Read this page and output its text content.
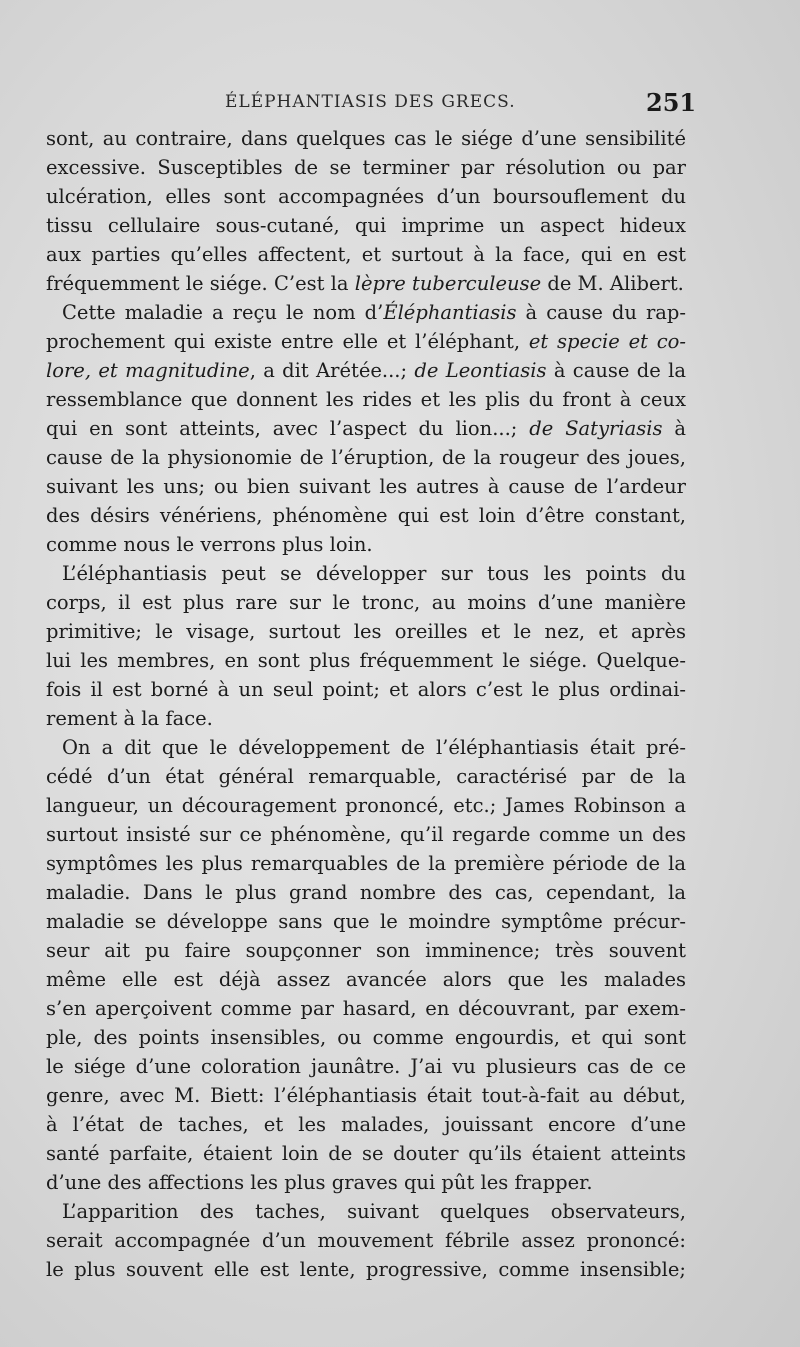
ÉLÉPHANTIASIS DES GRECS.	251
sont, au contraire, dans quelques cas le siége d’une sensibilité
excessive. Susceptibles de se terminer par résolution ou par
ulcération, elles sont accompagnées d’un boursouflement du
tissu cellulaire sous-cutané, qui imprime un aspect hideux
aux parties qu’elles affectent, et surtout à la face, qui en est
fréquemment le siége. C’est la lèpre tuberculeuse de M. Alibert.
Cette maladie a reçu le nom d’Éléphantiasis à cause du rap-
prochement qui existe entre elle et l’éléphant, et specie et co-
lore, et magnitudine, a dit Arétée...; de Leontiasis à cause de la
ressemblance que donnent les rides et les plis du front à ceux
qui en sont atteints, avec l’aspect du lion...; de Satyriasis à
cause de la physionomie de l’éruption, de la rougeur des joues,
suivant les uns; ou bien suivant les autres à cause de l’ardeur
des désirs vénériens, phénomène qui est loin d’être constant,
comme nous le verrons plus loin.
L’éléphantiasis peut se développer sur tous les points du
corps, il est plus rare sur le tronc, au moins d’une manière
primitive; le visage, surtout les oreilles et le nez, et après
lui les membres, en sont plus fréquemment le siége. Quelque-
fois il est borné à un seul point; et alors c’est le plus ordinai-
rement à la face.
On a dit que le développement de l’éléphantiasis était pré-
cédé d’un état général remarquable, caractérisé par de la
langueur, un découragement prononcé, etc.; James Robinson a
surtout insisté sur ce phénomène, qu’il regarde comme un des
symptômes les plus remarquables de la première période de la
maladie. Dans le plus grand nombre des cas, cependant, la
maladie se développe sans que le moindre symptôme précur-
seur ait pu faire soupçonner son imminence; très souvent
même elle est déjà assez avancée alors que les malades
s’en aperçoivent comme par hasard, en découvrant, par exem-
ple, des points insensibles, ou comme engourdis, et qui sont
le siége d’une coloration jaunâtre. J’ai vu plusieurs cas de ce
genre, avec M. Biett: l’éléphantiasis était tout-à-fait au début,
à l’état de taches, et les malades, jouissant encore d’une
santé parfaite, étaient loin de se douter qu’ils étaient atteints
d’une des affections les plus graves qui pût les frapper.
L’apparition des taches, suivant quelques observateurs,
serait accompagnée d’un mouvement fébrile assez prononcé:
le plus souvent elle est lente, progressive, comme insensible;
